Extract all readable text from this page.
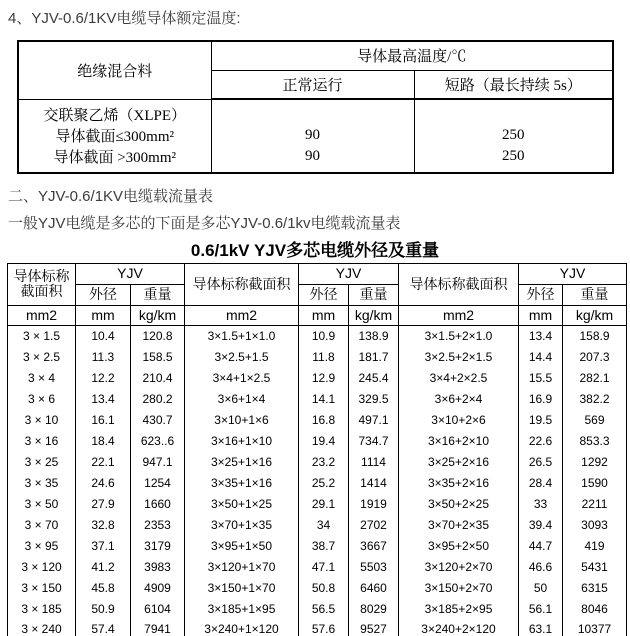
4、YJV-0.6/1KV电缆导体额定温度:
绝缘混合料	导体最高温度/℃	
	正常运行	短路（最长持续 5s）
交联聚乙烯（XLPE）		
导体截面≤300mm²	90	250
导体截面 >300mm²	90	250
二、YJV-0.6/1KV电缆载流量表
一般YJV电缆是多芯的下面是多芯YJV-0.6/1kv电缆载流量表
0.6/1kV YJV多芯电缆外径及重量
导体标称
截面积	YJV		导体标称截面积	YJV		导体标称截面积	YJV	
	外径	重量		外径	重量		外径	重量
mm2	mm	kg/km	mm2	mm	kg/km	mm2	mm	kg/km
3 × 1.5	10.4	120.8	3×1.5+1×1.0	10.9	138.9	3×1.5+2×1.0	13.4	158.9
3 × 2.5	11.3	158.5	3×2.5+1.5	11.8	181.7	3×2.5+2×1.5	14.4	207.3
3 × 4	12.2	210.4	3×4+1×2.5	12.9	245.4	3×4+2×2.5	15.5	282.1
3 × 6	13.4	280.2	3×6+1×4	14.1	329.5	3×6+2×4	16.9	382.2
3 × 10	16.1	430.7	3×10+1×6	16.8	497.1	3×10+2×6	19.5	569
3 × 16	18.4	623..6	3×16+1×10	19.4	734.7	3×16+2×10	22.6	853.3
3 × 25	22.1	947.1	3×25+1×16	23.2	1114	3×25+2×16	26.5	1292
3 × 35	24.6	1254	3×35+1×16	25.2	1414	3×35+2×16	28.4	1590
3 × 50	27.9	1660	3×50+1×25	29.1	1919	3×50+2×25	33	2211
3 × 70	32.8	2353	3×70+1×35	34	2702	3×70+2×35	39.4	3093
3 × 95	37.1	3179	3×95+1×50	38.7	3667	3×95+2×50	44.7	419
3 × 120	41.2	3983	3×120+1×70	47.1	5503	3×120+2×70	46.6	5431
3 × 150	45.8	4909	3×150+1×70	50.8	6460	3×150+2×70	50	6315
3 × 185	50.9	6104	3×185+1×95	56.5	8029	3×185+2×95	56.1	8046
3 × 240	57.4	7941	3×240+1×120	57.6	9527	3×240+2×120	63.1	10377
